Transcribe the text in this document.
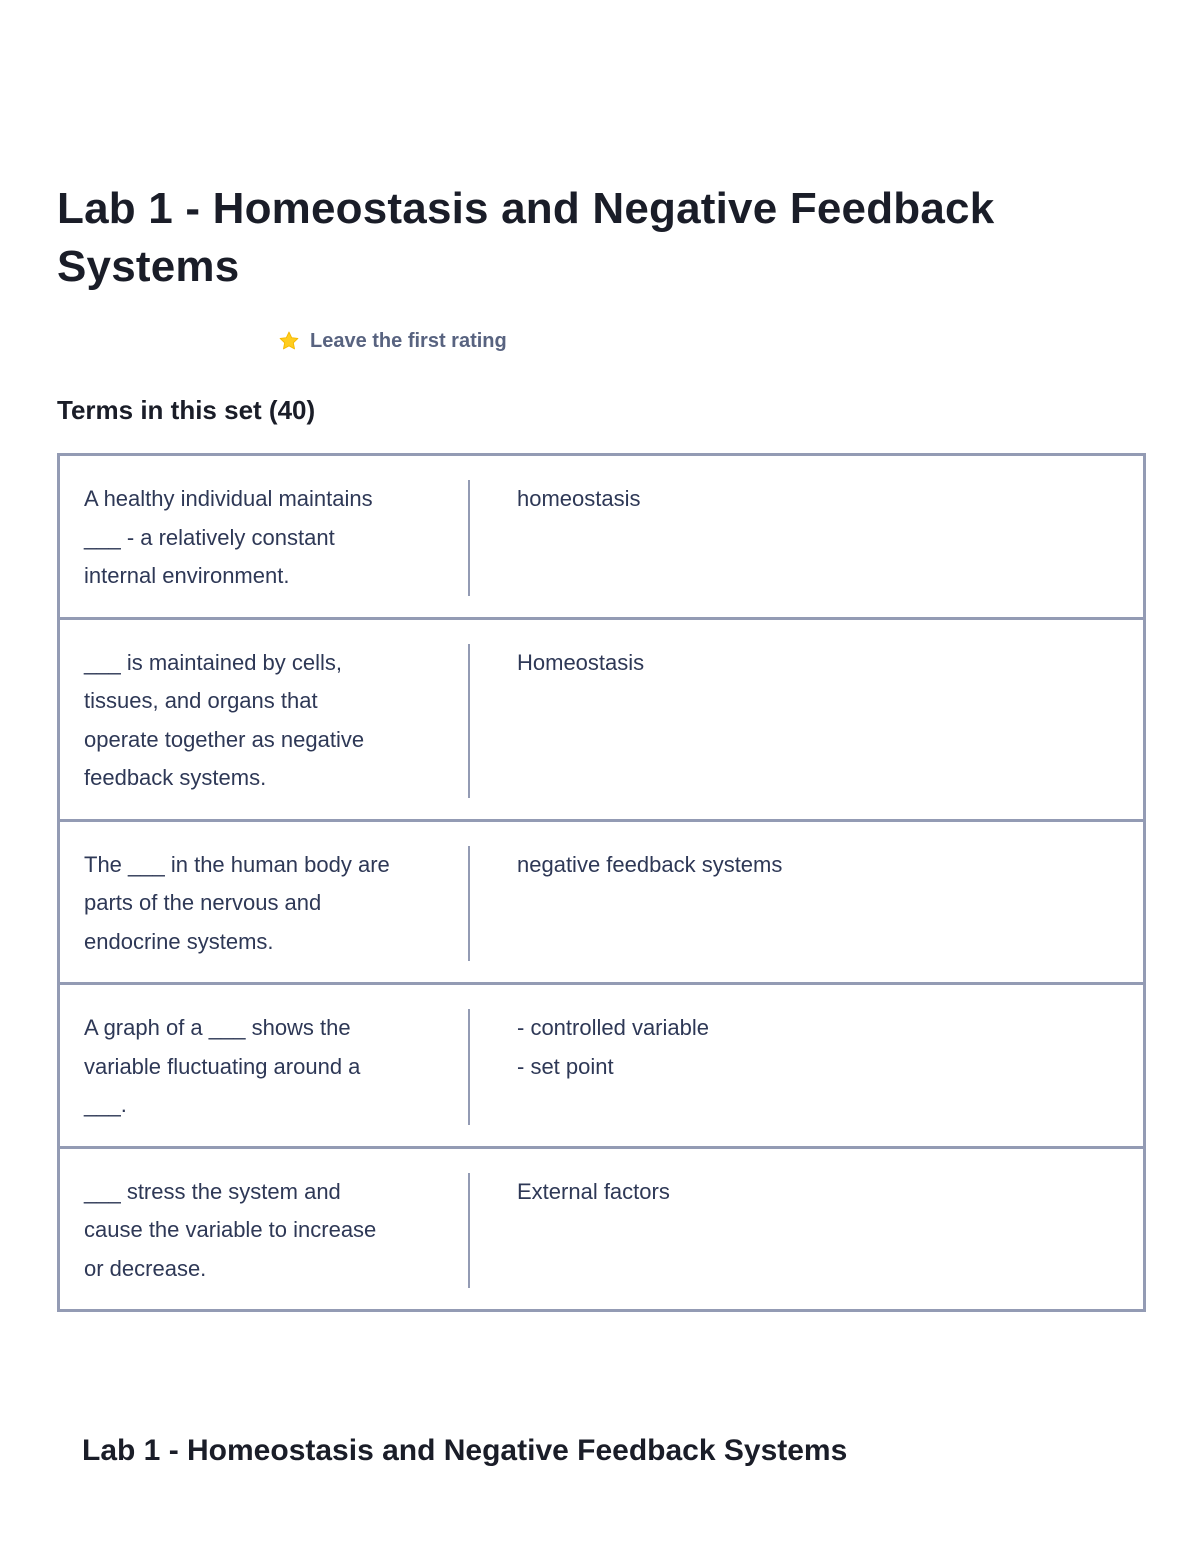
Lab 1 - Homeostasis and Negative Feedback Systems
Leave the first rating
Terms in this set (40)
A healthy individual maintains
___ - a relatively constant
internal environment.
homeostasis
___ is maintained by cells,
tissues, and organs that
operate together as negative
feedback systems.
Homeostasis
The ___ in the human body are
parts of the nervous and
endocrine systems.
negative feedback systems
A graph of a ___ shows the
variable fluctuating around a
___.
- controlled variable
- set point
___ stress the system and
cause the variable to increase
or decrease.
External factors
Lab 1 - Homeostasis and Negative Feedback Systems
